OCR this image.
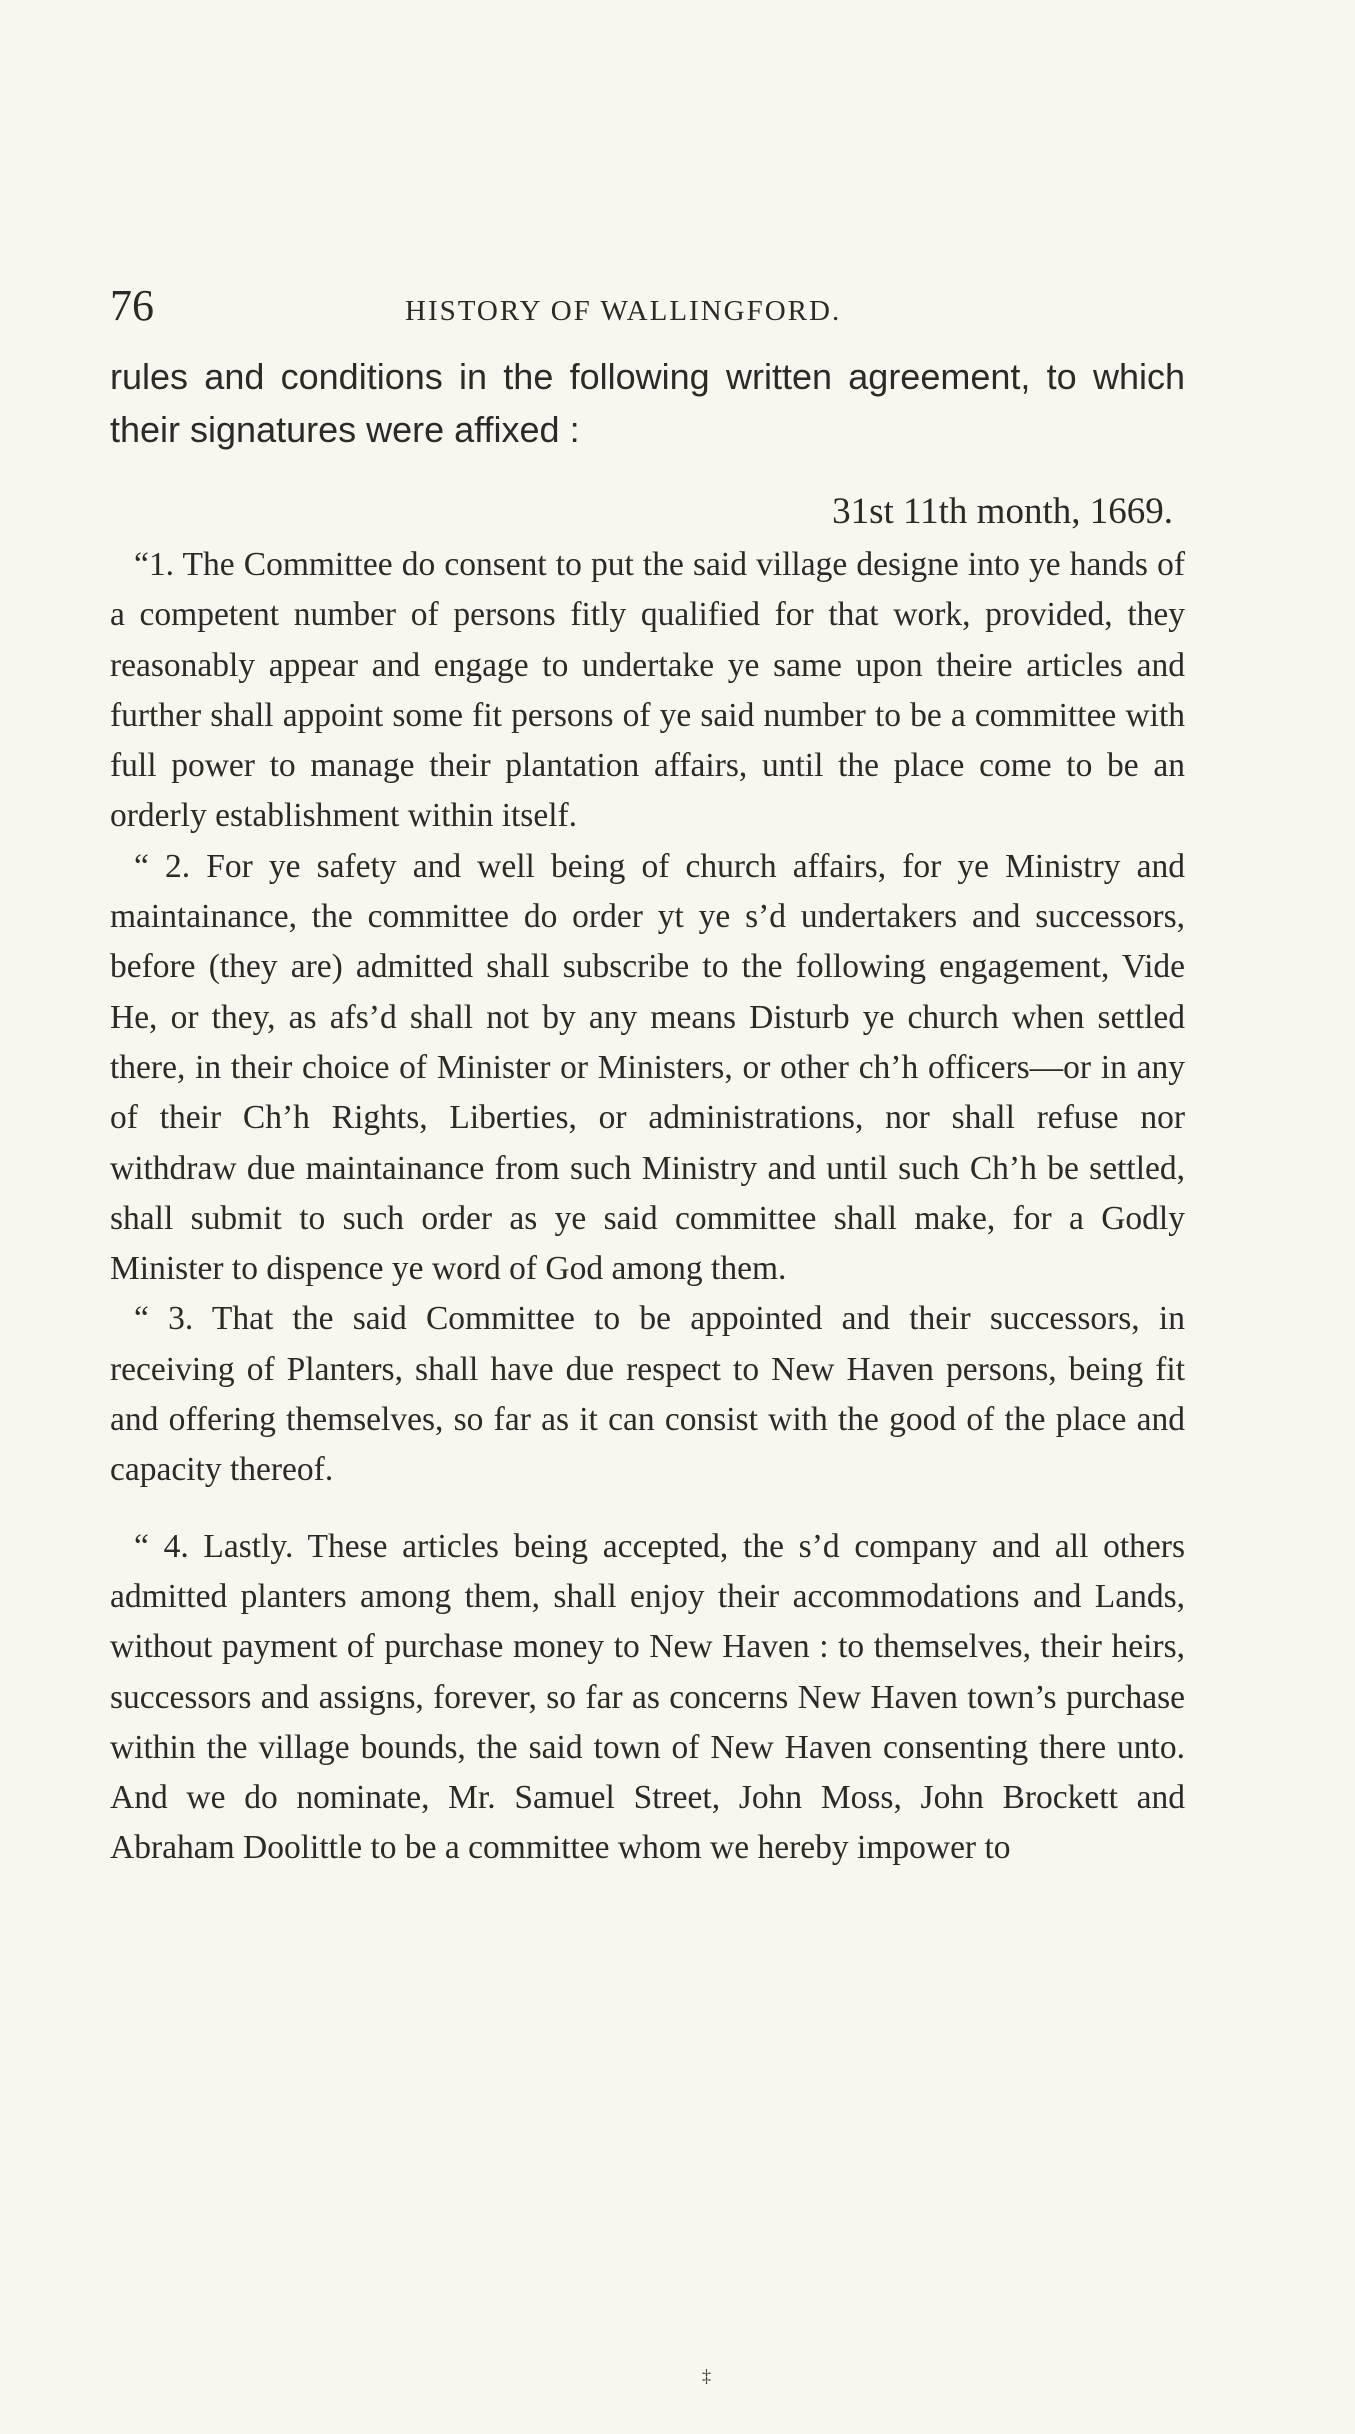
76	HISTORY OF WALLINGFORD.

rules and conditions in the following written agreement, to which their signatures were affixed :

31st 11th month, 1669.

“1. The Committee do consent to put the said village designe into ye hands of a competent number of persons fitly qualified for that work, provided, they reasonably appear and engage to undertake ye same upon theire articles and further shall appoint some fit persons of ye said number to be a committee with full power to manage their plantation affairs, until the place come to be an orderly establishment within itself.

“ 2. For ye safety and well being of church affairs, for ye Ministry and maintainance, the committee do order yt ye s’d undertakers and successors, before (they are) admitted shall subscribe to the following engagement, Vide He, or they, as afs’d shall not by any means Disturb ye church when settled there, in their choice of Minister or Ministers, or other ch’h officers—or in any of their Ch’h Rights, Liberties, or administrations, nor shall refuse nor withdraw due maintainance from such Ministry and until such Ch’h be settled, shall submit to such order as ye said committee shall make, for a Godly Minister to dispence ye word of God among them.

“ 3. That the said Committee to be appointed and their successors, in receiving of Planters, shall have due respect to New Haven persons, being fit and offering themselves, so far as it can consist with the good of the place and capacity thereof.

“ 4. Lastly. These articles being accepted, the s’d company and all others admitted planters among them, shall enjoy their accommodations and Lands, without payment of purchase money to New Haven : to themselves, their heirs, successors and assigns, forever, so far as concerns New Haven town’s purchase within the village bounds, the said town of New Haven consenting there unto. And we do nominate, Mr. Samuel Street, John Moss, John Brockett and Abraham Doolittle to be a committee whom we hereby impower to

‡
